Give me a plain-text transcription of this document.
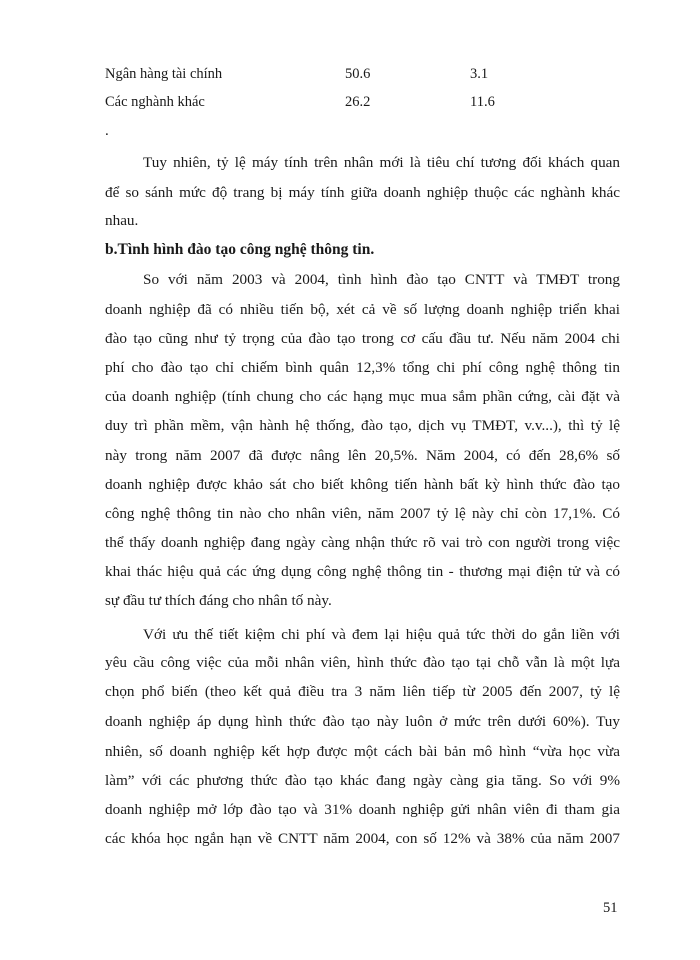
Ngân hàng tài chính	50.6	3.1
Các nghành khác	26.2	11.6
.
Tuy nhiên, tỷ lệ máy tính trên nhân mới là tiêu chí tương đối khách quan
để so sánh mức độ trang bị máy tính giữa doanh nghiệp thuộc các nghành khác
nhau.
b.Tình hình đào tạo công nghệ thông tin.
So với năm 2003 và 2004, tình hình đào tạo CNTT và TMĐT trong
doanh nghiệp đã có nhiều tiến bộ, xét cả về số lượng doanh nghiệp triển khai
đào tạo cũng như tỷ trọng của đào tạo trong cơ cấu đầu tư. Nếu năm 2004 chi
phí cho đào tạo chỉ chiếm bình quân 12,3% tổng chi phí công nghệ thông tin
của doanh nghiệp (tính chung cho các hạng mục mua sắm phần cứng, cài đặt và
duy trì phần mềm, vận hành hệ thống, đào tạo, dịch vụ TMĐT, v.v...), thì tỷ lệ
này trong năm 2007 đã được nâng lên 20,5%. Năm 2004, có đến 28,6% số
doanh nghiệp được khảo sát cho biết không tiến hành bất kỳ hình thức đào tạo
công nghệ thông tin nào cho nhân viên, năm 2007 tỷ lệ này chỉ còn 17,1%. Có
thể thấy doanh nghiệp đang ngày càng nhận thức rõ vai trò con người trong việc
khai thác hiệu quả các ứng dụng công nghệ thông tin - thương mại điện tử và có
sự đầu tư thích đáng cho nhân tố này.
Với ưu thế tiết kiệm chi phí và đem lại hiệu quả tức thời do gắn liền với
yêu cầu công việc của mỗi nhân viên, hình thức đào tạo tại chỗ vẫn là một lựa
chọn phổ biến (theo kết quả điều tra 3 năm liên tiếp từ 2005 đến 2007, tỷ lệ
doanh nghiệp áp dụng hình thức đào tạo này luôn ở mức trên dưới 60%). Tuy
nhiên, số doanh nghiệp kết hợp được một cách bài bản mô hình “vừa học vừa
làm” với các phương thức đào tạo khác đang ngày càng gia tăng. So với 9%
doanh nghiệp mở lớp đào tạo và 31% doanh nghiệp gửi nhân viên đi tham gia
các khóa học ngắn hạn về CNTT năm 2004, con số 12% và 38% của năm 2007
51
